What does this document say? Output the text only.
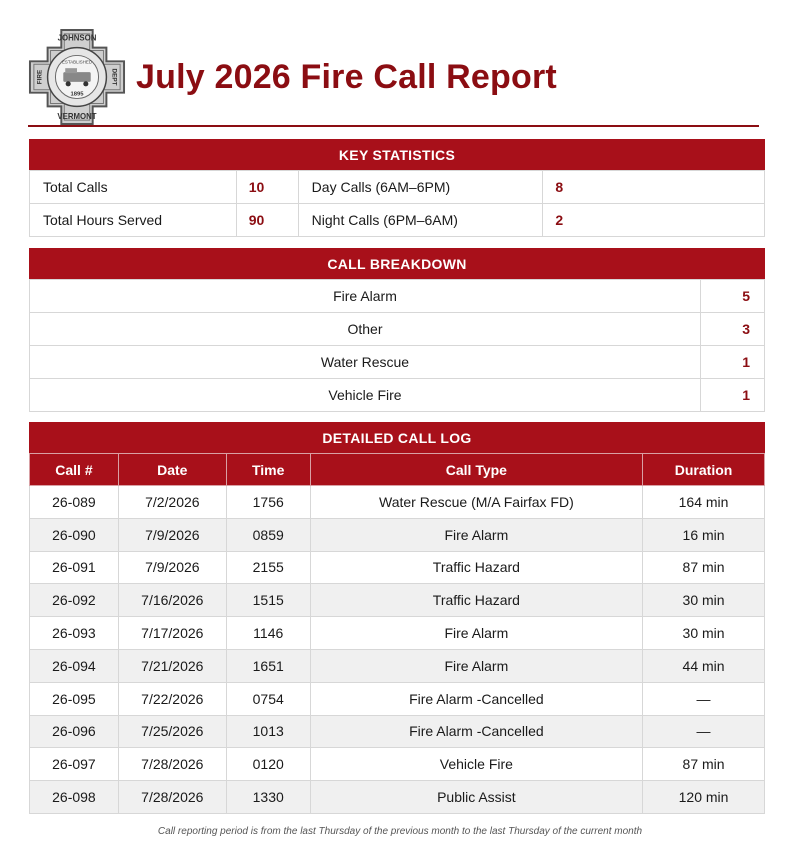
JOHNSON
VERMONT
FIRE	DEPT
ESTABLISHED
1895 July 2026 Fire Call Report
KEY STATISTICS
Total Calls	10	Day Calls (6AM–6PM)	8
Total Hours Served	90	Night Calls (6PM–6AM)	2
CALL BREAKDOWN
Fire Alarm	5
Other	3
Water Rescue	1
Vehicle Fire	1
DETAILED CALL LOG
Call #	Date	Time	Call Type	Duration
26-089	7/2/2026	1756	Water Rescue (M/A Fairfax FD)	164 min
26-090	7/9/2026	0859	Fire Alarm	16 min
26-091	7/9/2026	2155	Traffic Hazard	87 min
26-092	7/16/2026	1515	Traffic Hazard	30 min
26-093	7/17/2026	1146	Fire Alarm	30 min
26-094	7/21/2026	1651	Fire Alarm	44 min
26-095	7/22/2026	0754	Fire Alarm -Cancelled	—
26-096	7/25/2026	1013	Fire Alarm -Cancelled	—
26-097	7/28/2026	0120	Vehicle Fire	87 min
26-098	7/28/2026	1330	Public Assist	120 min
Call reporting period is from the last Thursday of the previous month to the last Thursday of the current month
